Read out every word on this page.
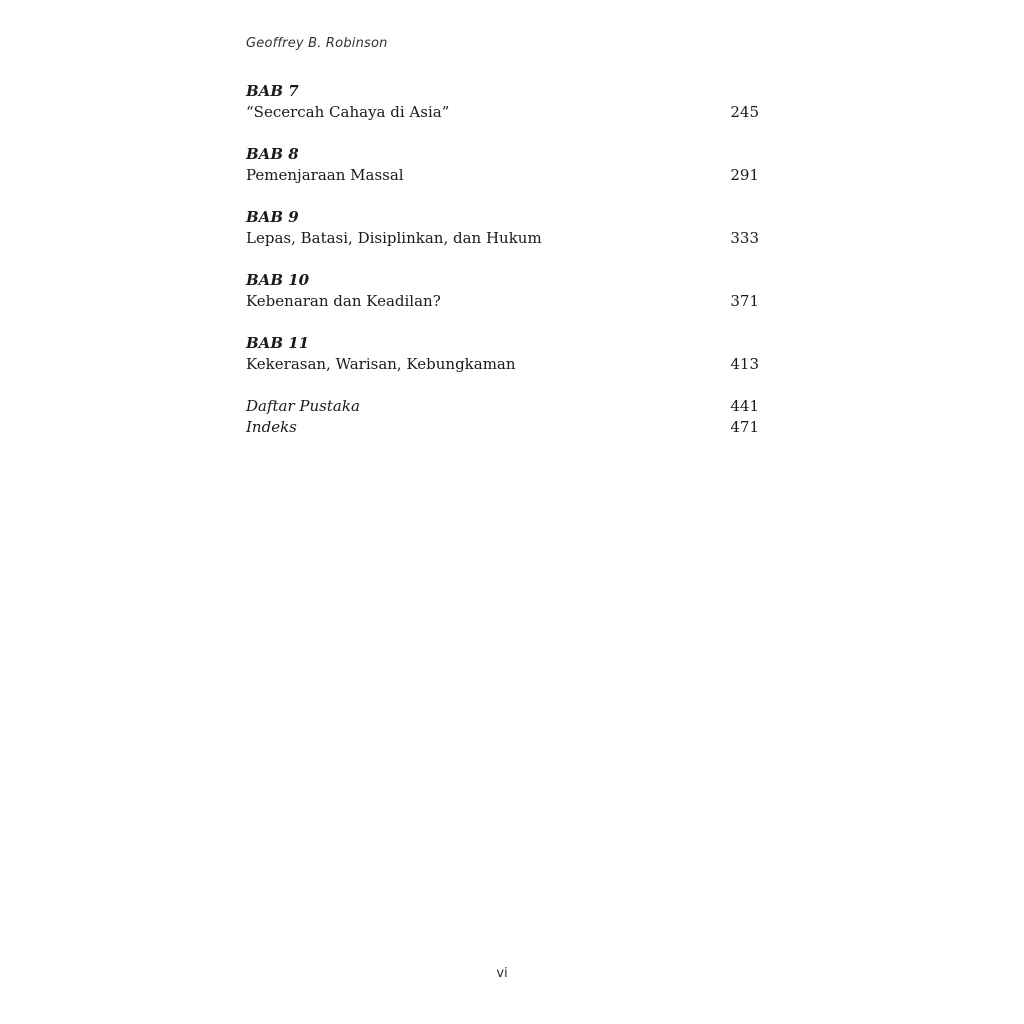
Geoffrey B. Robinson
BAB 7
“Secercah Cahaya di Asia”	245
BAB 8
Pemenjaraan Massal	291
BAB 9
Lepas, Batasi, Disiplinkan, dan Hukum	333
BAB 10
Kebenaran dan Keadilan?	371
BAB 11
Kekerasan, Warisan, Kebungkaman	413
Daftar Pustaka	441
Indeks	471
vi
